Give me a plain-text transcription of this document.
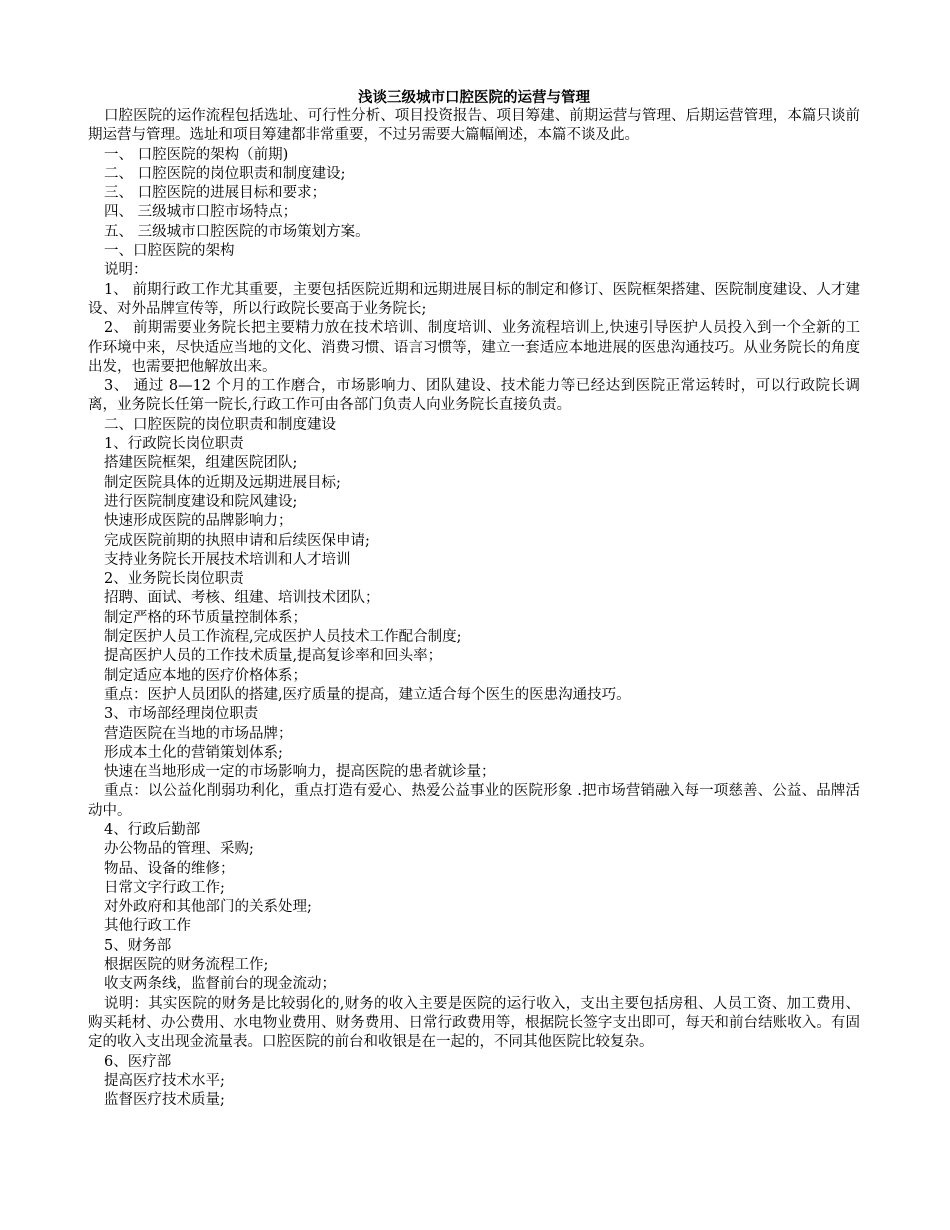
浅谈三级城市口腔医院的运营与管理

口腔医院的运作流程包括选址、可行性分析、项目投资报告、项目筹建、前期运营与管理、后期运营管理，本篇只谈前期运营与管理。选址和项目筹建都非常重要，不过另需要大篇幅阐述，本篇不谈及此。

一、 口腔医院的架构（前期)

二、 口腔医院的岗位职责和制度建设;

三、 口腔医院的进展目标和要求；

四、 三级城市口腔市场特点；

五、 三级城市口腔医院的市场策划方案。

一、口腔医院的架构

说明：

1、 前期行政工作尤其重要，主要包括医院近期和远期进展目标的制定和修订、医院框架搭建、医院制度建设、人才建设、对外品牌宣传等，所以行政院长要高于业务院长;

2、 前期需要业务院长把主要精力放在技术培训、制度培训、业务流程培训上,快速引导医护人员投入到一个全新的工作环境中来，尽快适应当地的文化、消费习惯、语言习惯等，建立一套适应本地进展的医患沟通技巧。从业务院长的角度出发，也需要把他解放出来。

3、 通过 8—12 个月的工作磨合，市场影响力、团队建设、技术能力等已经达到医院正常运转时，可以行政院长调离，业务院长任第一院长,行政工作可由各部门负责人向业务院长直接负责。

二、口腔医院的岗位职责和制度建设

1、行政院长岗位职责

搭建医院框架，组建医院团队;

制定医院具体的近期及远期进展目标;

进行医院制度建设和院风建设;

快速形成医院的品牌影响力；

完成医院前期的执照申请和后续医保申请;

支持业务院长开展技术培训和人才培训

2、业务院长岗位职责

招聘、面试、考核、组建、培训技术团队；

制定严格的环节质量控制体系；

制定医护人员工作流程,完成医护人员技术工作配合制度;

提高医护人员的工作技术质量,提高复诊率和回头率；

制定适应本地的医疗价格体系；

重点：医护人员团队的搭建,医疗质量的提高，建立适合每个医生的医患沟通技巧。

3、市场部经理岗位职责

营造医院在当地的市场品牌；

形成本土化的营销策划体系;

快速在当地形成一定的市场影响力，提高医院的患者就诊量；

重点：以公益化削弱功利化，重点打造有爱心、热爱公益事业的医院形象 .把市场营销融入每一项慈善、公益、品牌活动中。

4、行政后勤部

办公物品的管理、采购;

物品、设备的维修；

日常文字行政工作;

对外政府和其他部门的关系处理;

其他行政工作

5、财务部

根据医院的财务流程工作;

收支两条线，监督前台的现金流动；

说明：其实医院的财务是比较弱化的,财务的收入主要是医院的运行收入，支出主要包括房租、人员工资、加工费用、购买耗材、办公费用、水电物业费用、财务费用、日常行政费用等，根据院长签字支出即可，每天和前台结账收入。有固定的收入支出现金流量表。口腔医院的前台和收银是在一起的，不同其他医院比较复杂。

6、医疗部

提高医疗技术水平;

监督医疗技术质量;
